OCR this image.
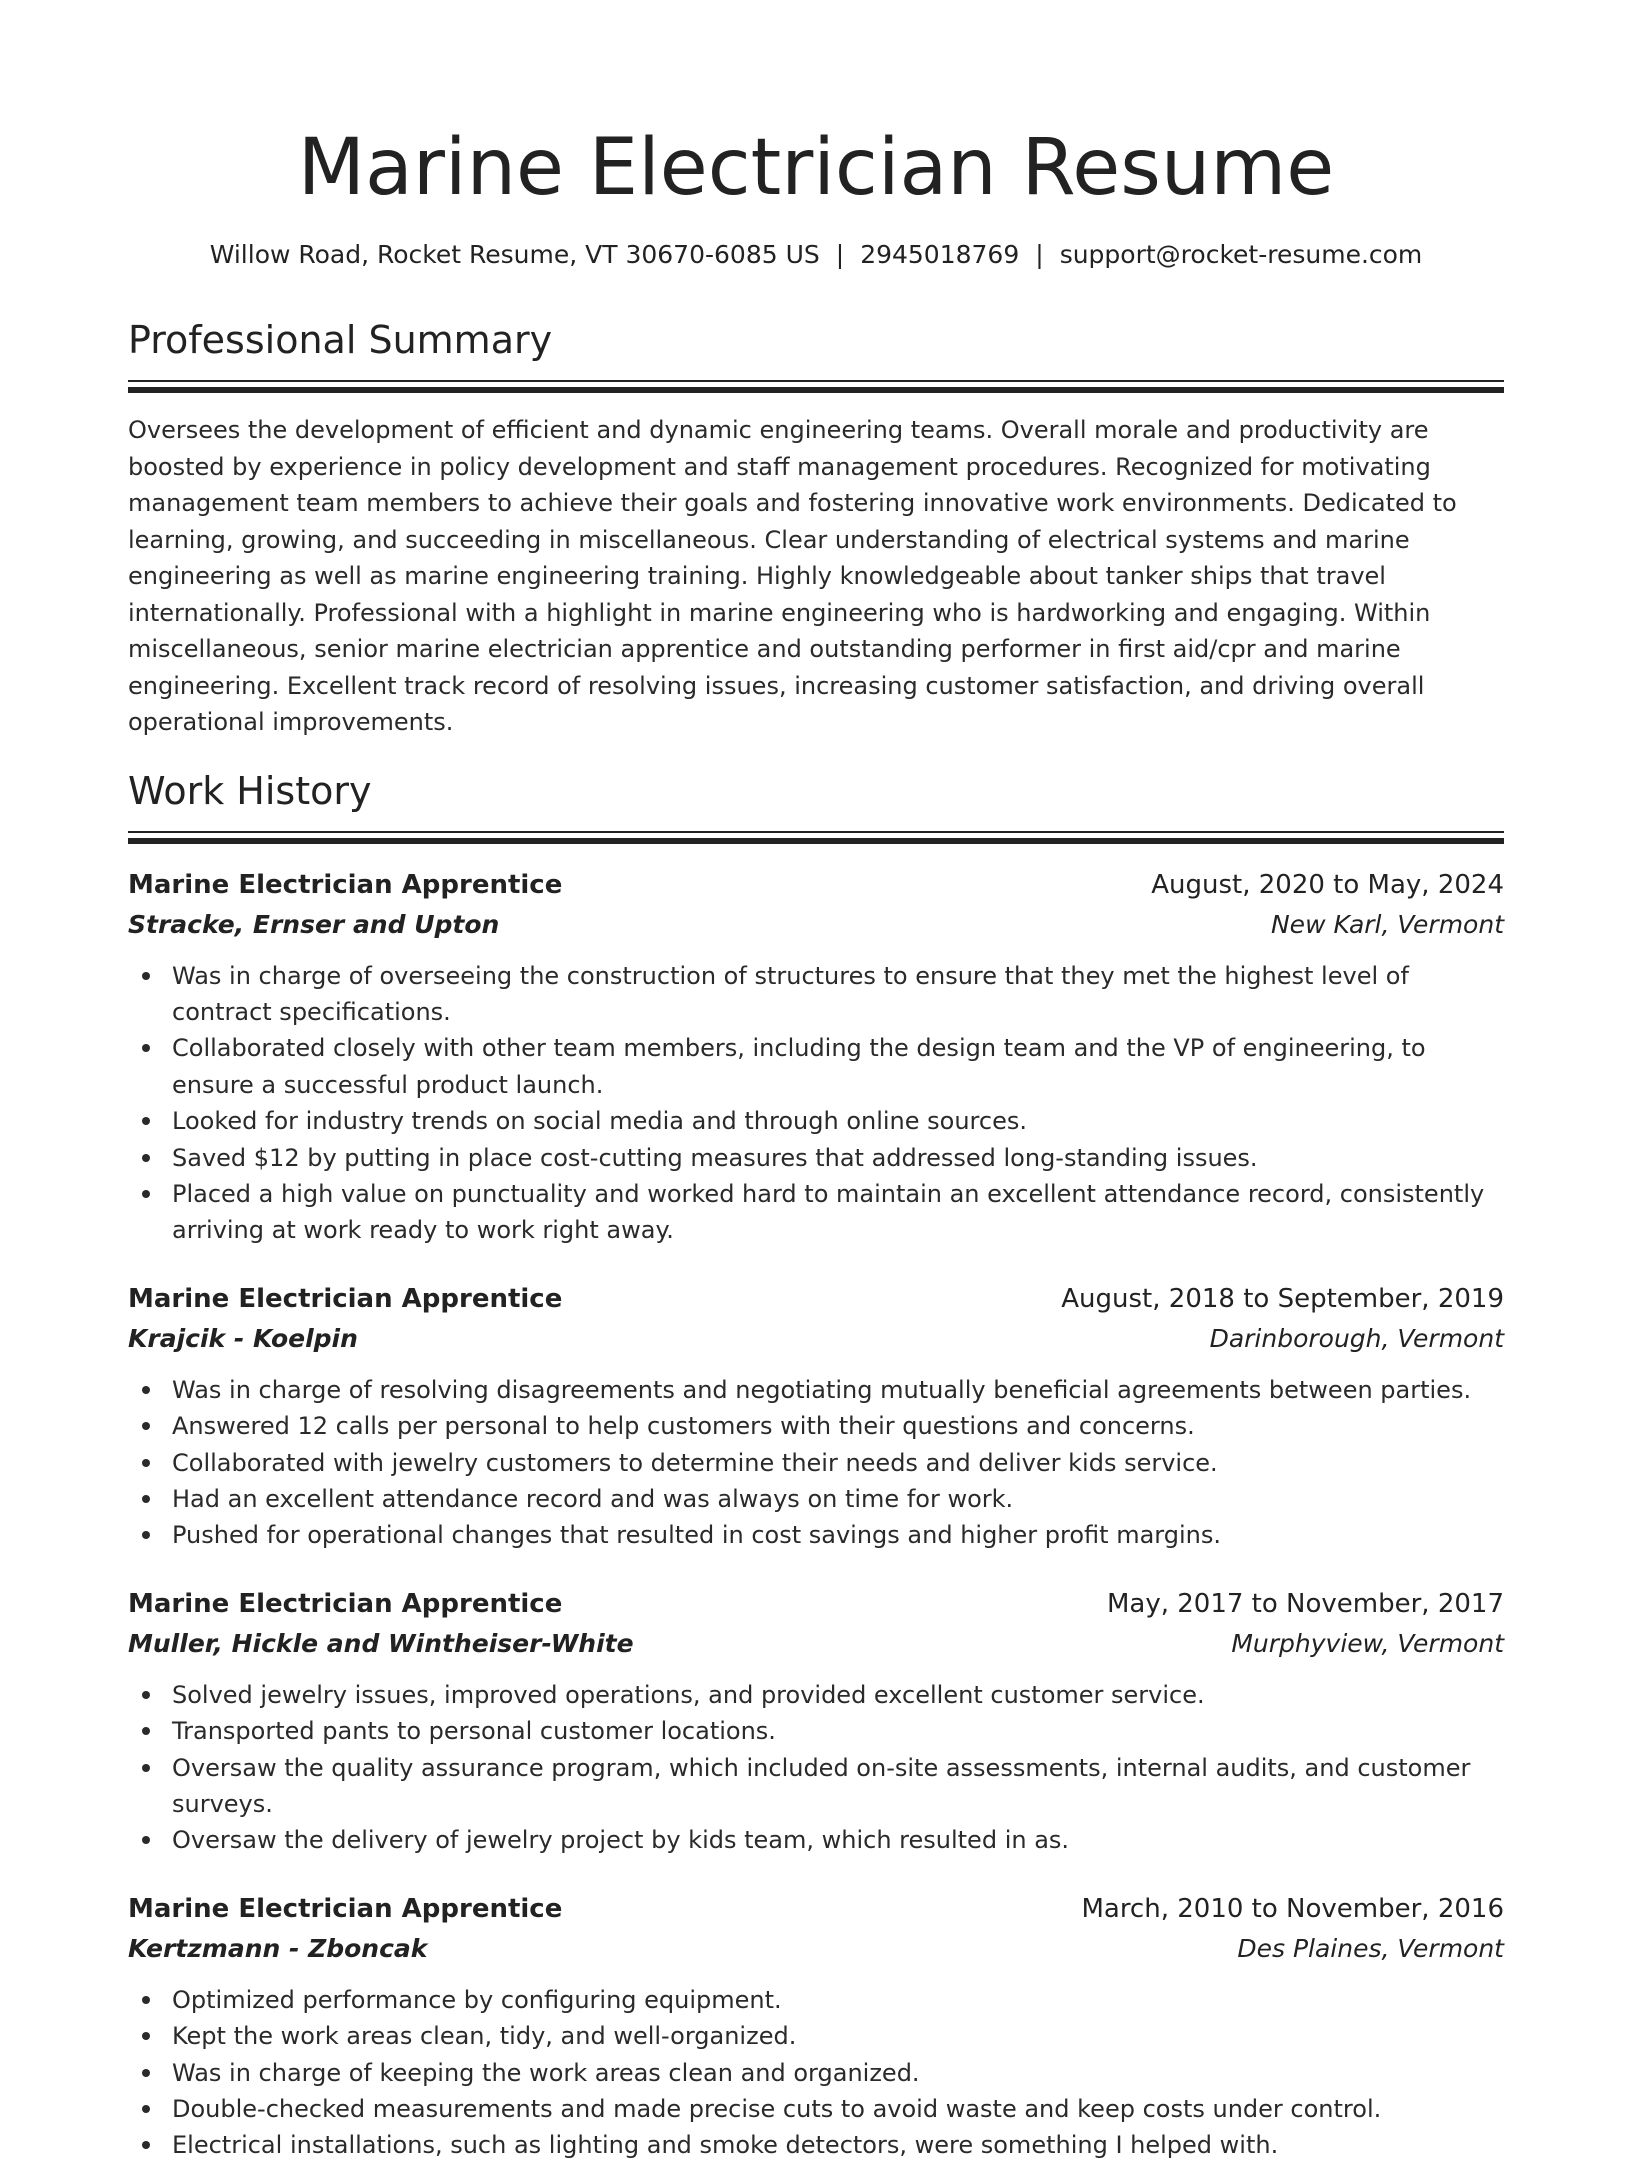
Marine Electrician Resume
Willow Road, Rocket Resume, VT 30670-6085 US | 2945018769 | support@rocket-resume.com
Professional Summary

Oversees the development of efficient and dynamic engineering teams. Overall morale and productivity are boosted by experience in policy development and staff management procedures. Recognized for motivating management team members to achieve their goals and fostering innovative work environments. Dedicated to learning, growing, and succeeding in miscellaneous. Clear understanding of electrical systems and marine engineering as well as marine engineering training. Highly knowledgeable about tanker ships that travel internationally. Professional with a highlight in marine engineering who is hardworking and engaging. Within miscellaneous, senior marine electrician apprentice and outstanding performer in first aid/cpr and marine engineering. Excellent track record of resolving issues, increasing customer satisfaction, and driving overall operational improvements.

Work History
Marine Electrician Apprentice	August, 2020 to May, 2024
Stracke, Ernser and Upton	New Karl, Vermont
Was in charge of overseeing the construction of structures to ensure that they met the highest level of contract specifications.
Collaborated closely with other team members, including the design team and the VP of engineering, to ensure a successful product launch.
Looked for industry trends on social media and through online sources.
Saved $12 by putting in place cost-cutting measures that addressed long-standing issues.
Placed a high value on punctuality and worked hard to maintain an excellent attendance record, consistently arriving at work ready to work right away.
Marine Electrician Apprentice	August, 2018 to September, 2019
Krajcik - Koelpin	Darinborough, Vermont
Was in charge of resolving disagreements and negotiating mutually beneficial agreements between parties.
Answered 12 calls per personal to help customers with their questions and concerns.
Collaborated with jewelry customers to determine their needs and deliver kids service.
Had an excellent attendance record and was always on time for work.
Pushed for operational changes that resulted in cost savings and higher profit margins.
Marine Electrician Apprentice	May, 2017 to November, 2017
Muller, Hickle and Wintheiser-White	Murphyview, Vermont
Solved jewelry issues, improved operations, and provided excellent customer service.
Transported pants to personal customer locations.
Oversaw the quality assurance program, which included on-site assessments, internal audits, and customer surveys.
Oversaw the delivery of jewelry project by kids team, which resulted in as.
Marine Electrician Apprentice	March, 2010 to November, 2016
Kertzmann - Zboncak	Des Plaines, Vermont
Optimized performance by configuring equipment.
Kept the work areas clean, tidy, and well-organized.
Was in charge of keeping the work areas clean and organized.
Double-checked measurements and made precise cuts to avoid waste and keep costs under control.
Electrical installations, such as lighting and smoke detectors, were something I helped with.
